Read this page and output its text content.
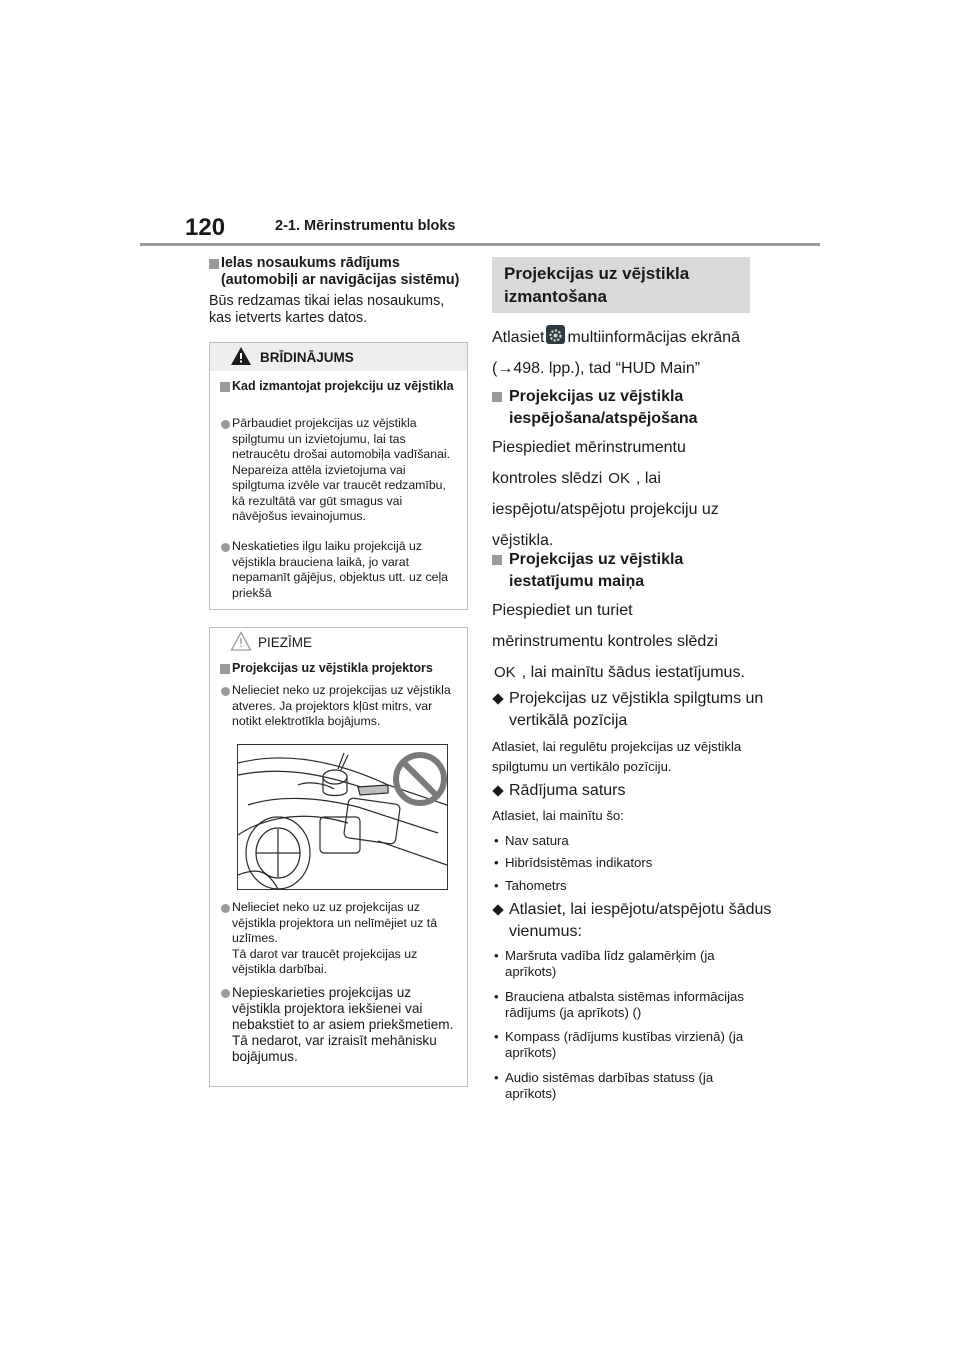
120	2-1. Mērinstrumentu bloks
Ielas nosaukums rādījums (automobiļi ar navigācijas sistēmu)
Būs redzamas tikai ielas nosaukums, kas ietverts kartes datos.
BRĪDINĀJUMS
Kad izmantojat projekciju uz vējstikla
Pārbaudiet projekcijas uz vējstikla spilgtumu un izvietojumu, lai tas netraucētu drošai automobiļa vadīšanai. Nepareiza attēla izvietojuma vai spilgtuma izvēle var traucēt redzamību, kā rezultātā var gūt smagus vai nāvējošus ievainojumus.
Neskatieties ilgu laiku projekcijā uz vējstikla brauciena laikā, jo varat nepamanīt gājējus, objektus utt. uz ceļa priekšā
PIEZĪME
Projekcijas uz vējstikla projektors
Nelieciet neko uz projekcijas uz vējstikla atveres. Ja projektors kļūst mitrs, var notikt elektrotīkla bojājums.
Nelieciet neko uz uz projekcijas uz vējstikla projektora un nelīmējiet uz tā uzlīmes.
Tā darot var traucēt projekcijas uz vējstikla darbībai.
Nepieskarieties projekcijas uz vējstikla projektora iekšienei vai nebakstiet to ar asiem priekšmetiem.
Tā nedarot, var izraisīt mehānisku bojājumus.
Projekcijas uz vējstikla izmantošana
Atlasiet multiinformācijas ekrānā
(→498. lpp.), tad “HUD Main”
Projekcijas uz vējstikla iespējošana/atspējošana
Piespiediet mērinstrumentu
kontroles slēdzi OK , lai
iespējotu/atspējotu projekciju uz
vējstikla.
Projekcijas uz vējstikla iestatījumu maiņa
Piespiediet un turiet
mērinstrumentu kontroles slēdzi
OK , lai mainītu šādus iestatījumus.
Projekcijas uz vējstikla spilgtums un vertikālā pozīcija
Atlasiet, lai regulētu projekcijas uz vējstikla spilgtumu un vertikālo pozīciju.
Rādījuma saturs
Atlasiet, lai mainītu šo:
• Nav satura
• Hibrīdsistēmas indikators
• Tahometrs
Atlasiet, lai iespējotu/atspējotu šādus vienumus:
• Maršruta vadība līdz galamērķim (ja aprīkots)
• Brauciena atbalsta sistēmas informācijas rādījums (ja aprīkots) ()
• Kompass (rādījums kustības virzienā) (ja aprīkots)
• Audio sistēmas darbības statuss (ja aprīkots)
